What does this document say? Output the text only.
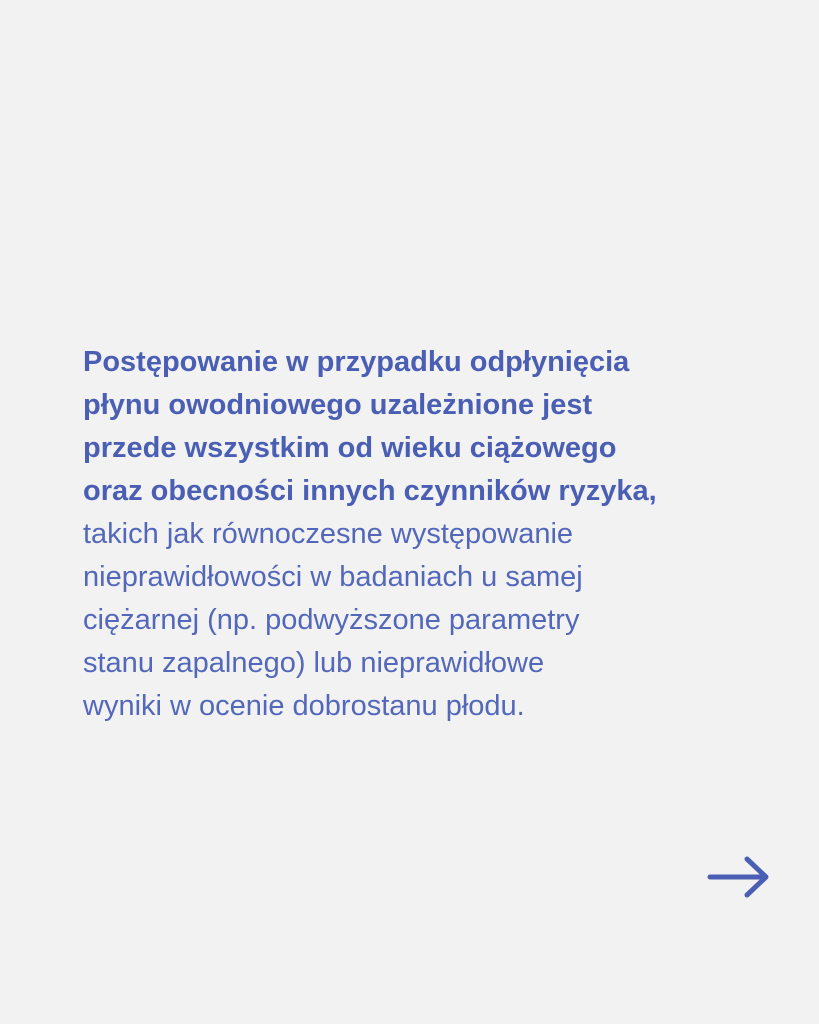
Postępowanie w przypadku odpłynięcia
płynu owodniowego uzależnione jest
przede wszystkim od wieku ciążowego
oraz obecności innych czynników ryzyka,
takich jak równoczesne występowanie
nieprawidłowości w badaniach u samej
ciężarnej (np. podwyższone parametry
stanu zapalnego) lub nieprawidłowe
wyniki w ocenie dobrostanu płodu.
